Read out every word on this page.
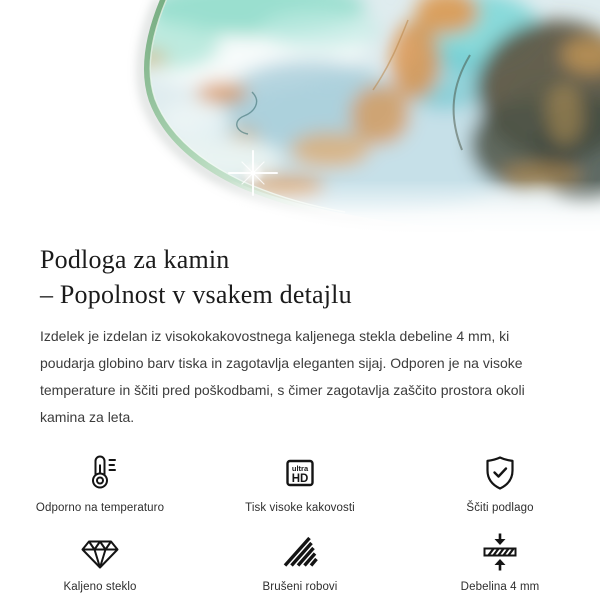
Podloga za kamin
– Popolnost v vsakem detajlu

Izdelek je izdelan iz visokokakovostnega kaljenega stekla debeline 4 mm, ki poudarja globino barv tiska in zagotavlja eleganten sijaj. Odporen je na visoke temperature in ščiti pred poškodbami, s čimer zagotavlja zaščito prostora okoli kamina za leta.

Odporno na temperaturo
ultra
HD
Tisk visoke kakovosti	Ščiti podlago
Kaljeno steklo	Brušeni robovi	Debelina 4 mm
